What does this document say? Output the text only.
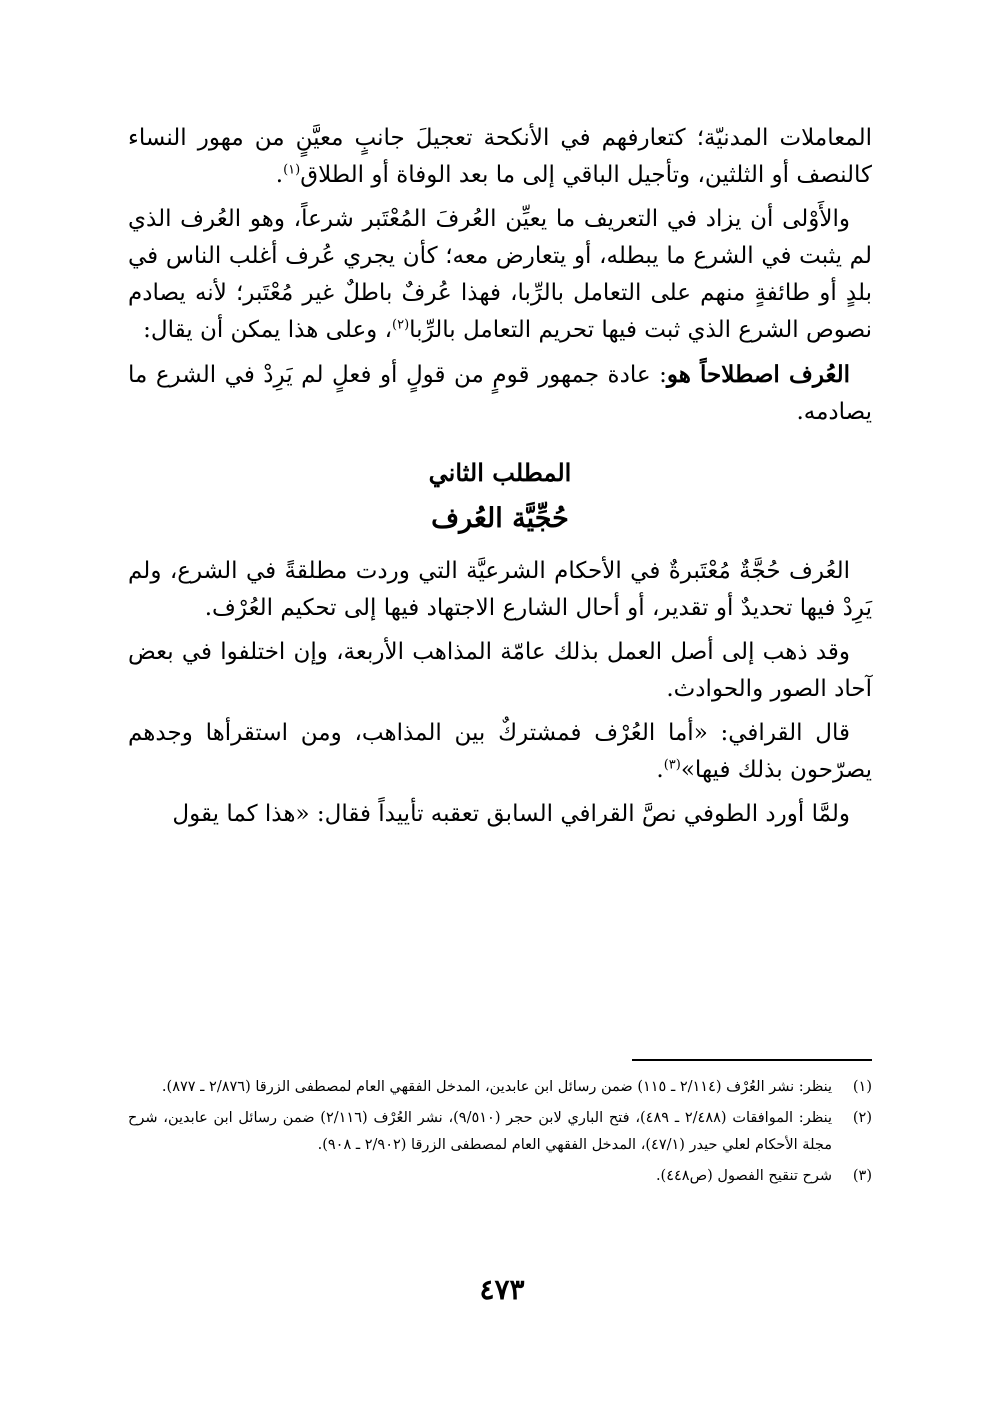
المعاملات المدنيّة؛ كتعارفهم في الأنكحة تعجيلَ جانبٍ معيَّنٍ من مهور النساء كالنصف أو الثلثين، وتأجيل الباقي إلى ما بعد الوفاة أو الطلاق$^{(١)}$.

والأَوْلى أن يزاد في التعريف ما يعيِّن العُرفَ المُعْتَبر شرعاً، وهو العُرف الذي لم يثبت في الشرع ما يبطله، أو يتعارض معه؛ كأن يجري عُرف أغلب الناس في بلدٍ أو طائفةٍ منهم على التعامل بالرِّبا، فهذا عُرفٌ باطلٌ غير مُعْتَبر؛ لأنه يصادم نصوص الشرع الذي ثبت فيها تحريم التعامل بالرِّبا$^{(٢)}$، وعلى هذا يمكن أن يقال:

العُرف اصطلاحاً هو: عادة جمهور قومٍ من قولٍ أو فعلٍ لم يَرِدْ في الشرع ما يصادمه.

المطلب الثاني
حُجِّيَّة العُرف

العُرف حُجَّةٌ مُعْتَبرةٌ في الأحكام الشرعيَّة التي وردت مطلقةً في الشرع، ولم يَرِدْ فيها تحديدٌ أو تقدير، أو أحال الشارع الاجتهاد فيها إلى تحكيم العُرْف.

وقد ذهب إلى أصل العمل بذلك عامّة المذاهب الأربعة، وإن اختلفوا في بعض آحاد الصور والحوادث.

قال القرافي: «أما العُرْف فمشتركٌ بين المذاهب، ومن استقرأها وجدهم يصرّحون بذلك فيها»$^{(٣)}$.

ولمَّا أورد الطوفي نصَّ القرافي السابق تعقبه تأييداً فقال: «هذا كما يقول

(١)
ينظر: نشر العُرْف (٢/١١٤ ـ ١١٥) ضمن رسائل ابن عابدين، المدخل الفقهي العام لمصطفى الزرقا (٢/٨٧٦ ـ ٨٧٧).
(٢)
ينظر: الموافقات (٢/٤٨٨ ـ ٤٨٩)، فتح الباري لابن حجر (٩/٥١٠)، نشر العُرْف (٢/١١٦) ضمن رسائل ابن عابدين، شرح مجلة الأحكام لعلي حيدر (٤٧/١)، المدخل الفقهي العام لمصطفى الزرقا (٢/٩٠٢ ـ ٩٠٨).
(٣)
شرح تنقيح الفصول (ص٤٤٨).
٤٧٣
